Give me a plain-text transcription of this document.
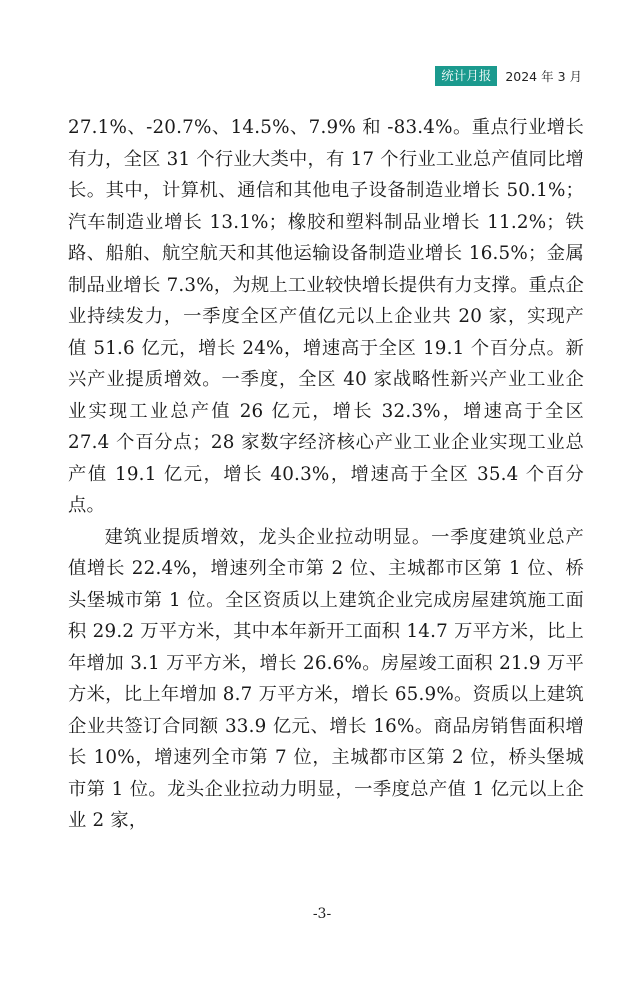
统计月报	2024 年 3 月

27.1%、-20.7%、14.5%、7.9% 和 -83.4%。重点行业增长有力，全区 31 个行业大类中，有 17 个行业工业总产值同比增长。其中，计算机、通信和其他电子设备制造业增长 50.1%；汽车制造业增长 13.1%；橡胶和塑料制品业增长 11.2%；铁路、船舶、航空航天和其他运输设备制造业增长 16.5%；金属制品业增长 7.3%，为规上工业较快增长提供有力支撑。重点企业持续发力，一季度全区产值亿元以上企业共 20 家，实现产值 51.6 亿元，增长 24%，增速高于全区 19.1 个百分点。新兴产业提质增效。一季度，全区 40 家战略性新兴产业工业企业实现工业总产值 26 亿元，增长 32.3%，增速高于全区 27.4 个百分点；28 家数字经济核心产业工业企业实现工业总产值 19.1 亿元，增长 40.3%，增速高于全区 35.4 个百分点。

建筑业提质增效，龙头企业拉动明显。一季度建筑业总产值增长 22.4%，增速列全市第 2 位、主城都市区第 1 位、桥头堡城市第 1 位。全区资质以上建筑企业完成房屋建筑施工面积 29.2 万平方米，其中本年新开工面积 14.7 万平方米，比上年增加 3.1 万平方米，增长 26.6%。房屋竣工面积 21.9 万平方米，比上年增加 8.7 万平方米，增长 65.9%。资质以上建筑企业共签订合同额 33.9 亿元、增长 16%。商品房销售面积增长 10%，增速列全市第 7 位，主城都市区第 2 位，桥头堡城市第 1 位。龙头企业拉动力明显，一季度总产值 1 亿元以上企业 2 家，

-3-
